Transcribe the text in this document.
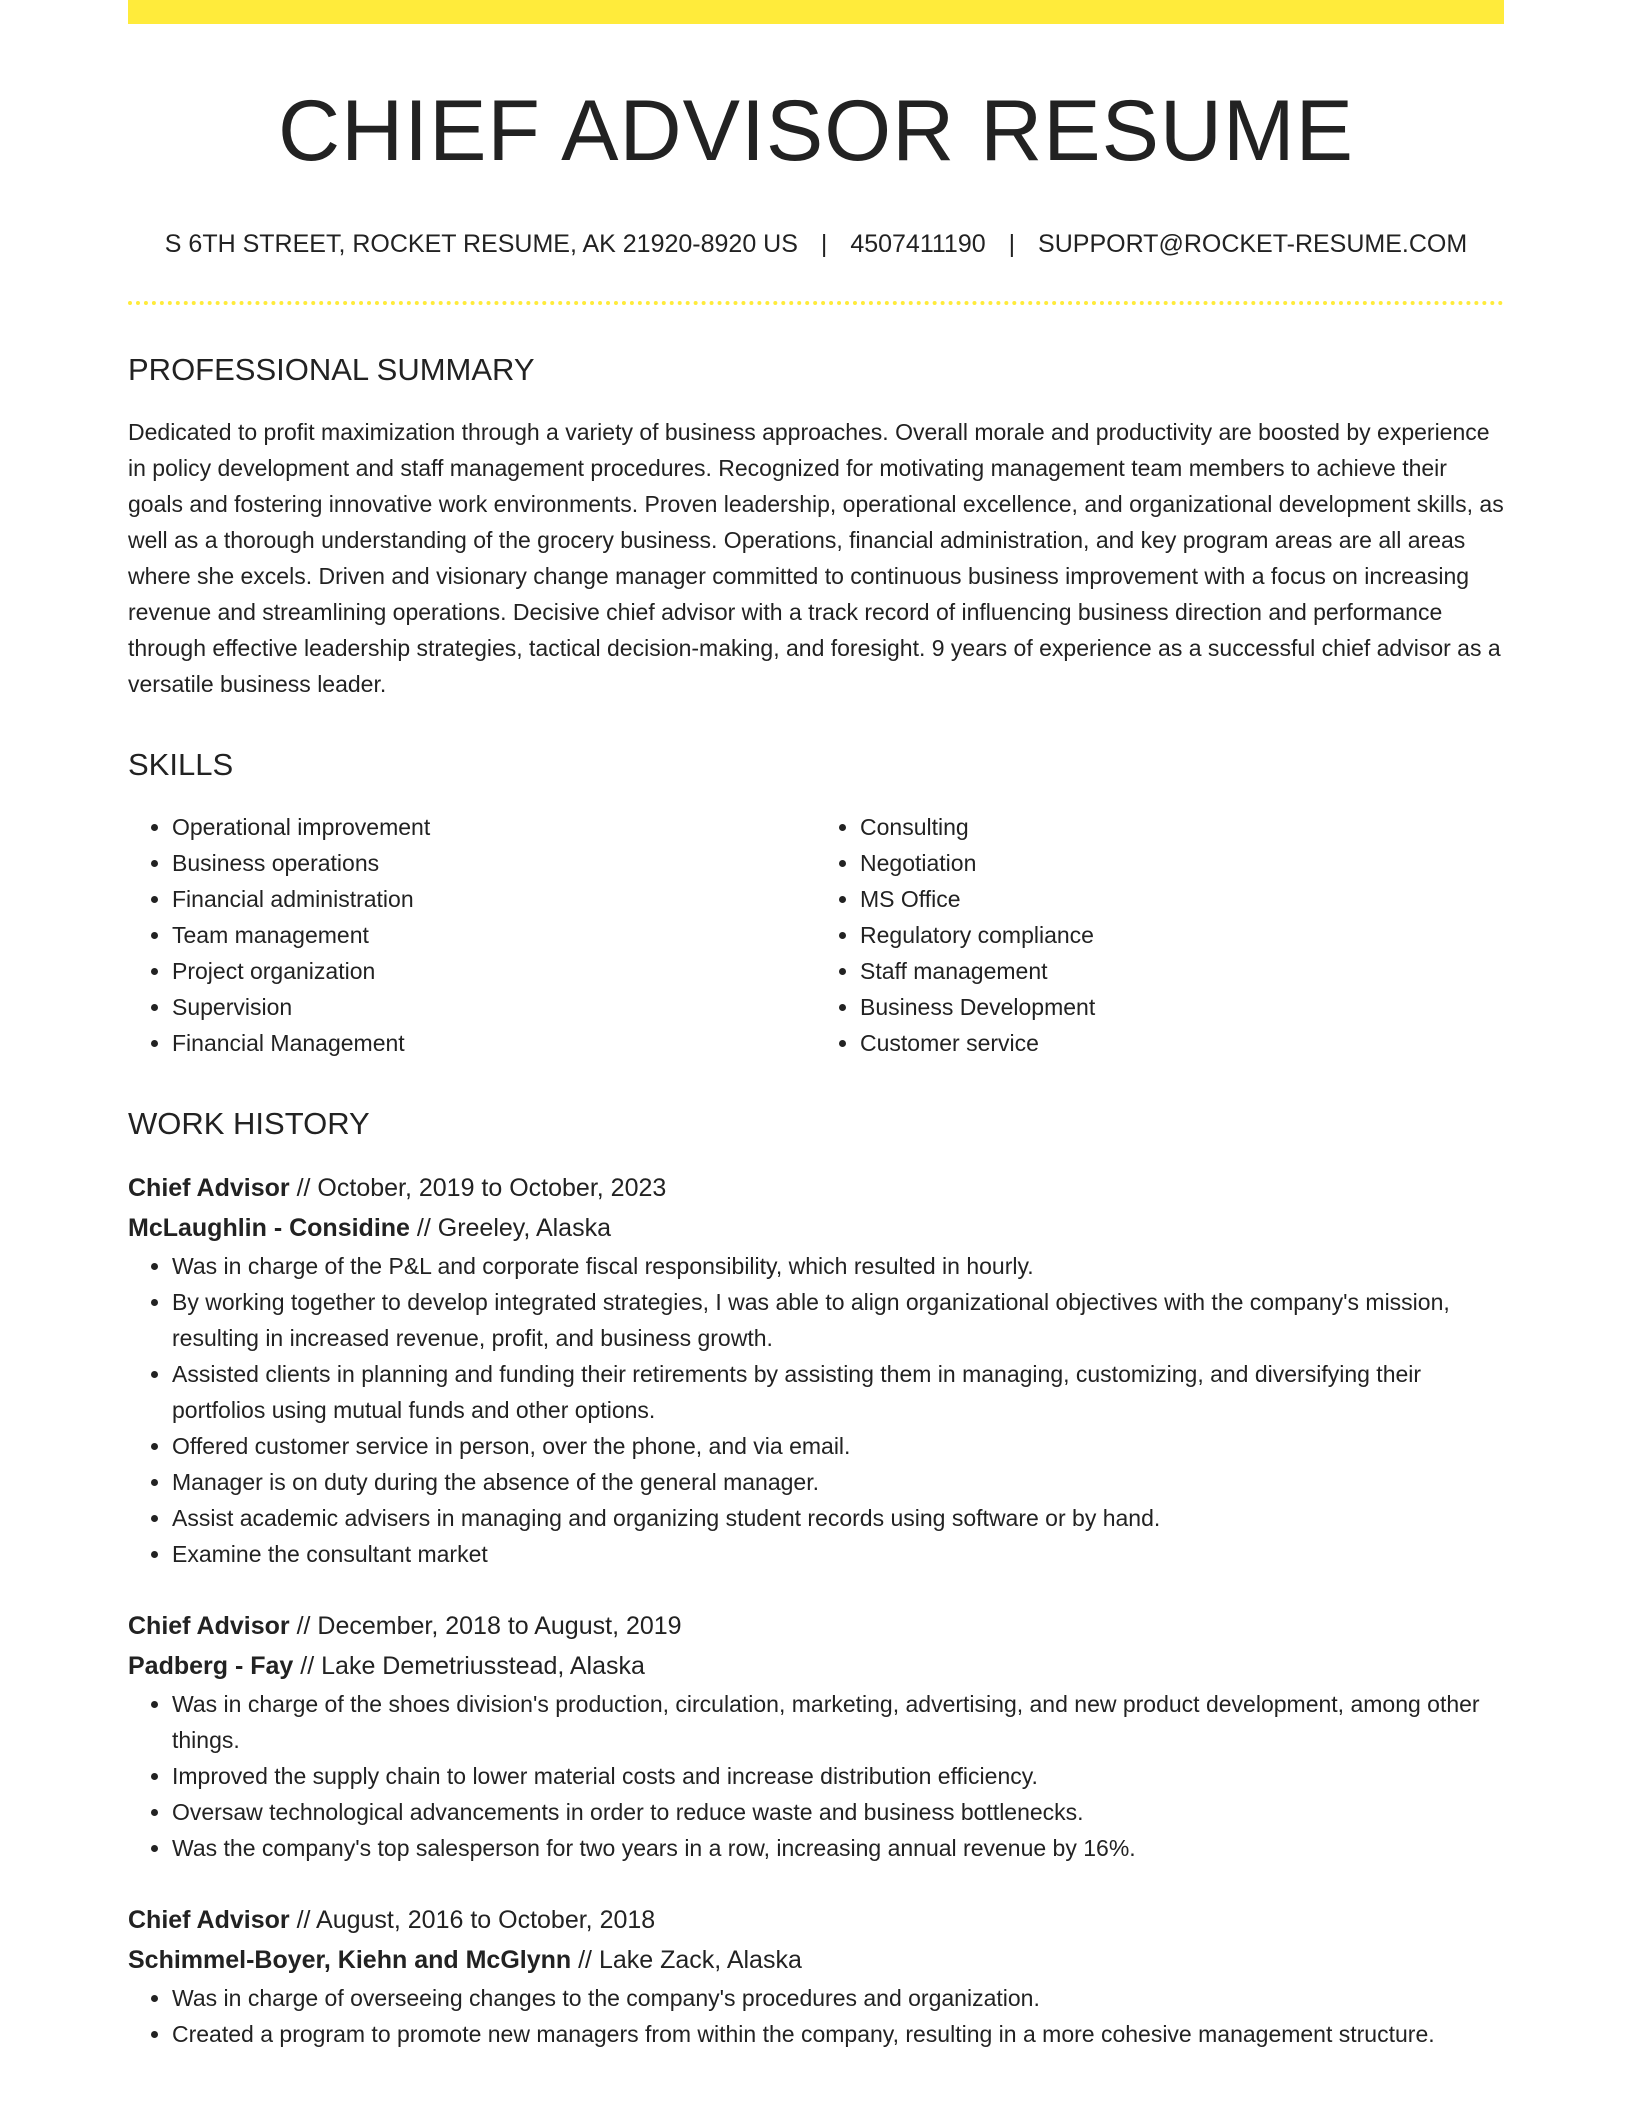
CHIEF ADVISOR RESUME
S 6TH STREET, ROCKET RESUME, AK 21920-8920 US | 4507411190 | SUPPORT@ROCKET-RESUME.COM
PROFESSIONAL SUMMARY

Dedicated to profit maximization through a variety of business approaches. Overall morale and productivity are boosted by experience in policy development and staff management procedures. Recognized for motivating management team members to achieve their goals and fostering innovative work environments. Proven leadership, operational excellence, and organizational development skills, as well as a thorough understanding of the grocery business. Operations, financial administration, and key program areas are all areas where she excels. Driven and visionary change manager committed to continuous business improvement with a focus on increasing revenue and streamlining operations. Decisive chief advisor with a track record of influencing business direction and performance through effective leadership strategies, tactical decision-making, and foresight. 9 years of experience as a successful chief advisor as a versatile business leader.

SKILLS
• Operational improvement
• Business operations
• Financial administration
• Team management
• Project organization
• Supervision
• Financial Management
• Consulting
• Negotiation
• MS Office
• Regulatory compliance
• Staff management
• Business Development
• Customer service
WORK HISTORY
Chief Advisor // October, 2019 to October, 2023
McLaughlin - Considine // Greeley, Alaska
• Was in charge of the P&L and corporate fiscal responsibility, which resulted in hourly.
• By working together to develop integrated strategies, I was able to align organizational objectives with the company's mission, resulting in increased revenue, profit, and business growth.
• Assisted clients in planning and funding their retirements by assisting them in managing, customizing, and diversifying their portfolios using mutual funds and other options.
• Offered customer service in person, over the phone, and via email.
• Manager is on duty during the absence of the general manager.
• Assist academic advisers in managing and organizing student records using software or by hand.
• Examine the consultant market
Chief Advisor // December, 2018 to August, 2019
Padberg - Fay // Lake Demetriusstead, Alaska
• Was in charge of the shoes division's production, circulation, marketing, advertising, and new product development, among other things.
• Improved the supply chain to lower material costs and increase distribution efficiency.
• Oversaw technological advancements in order to reduce waste and business bottlenecks.
• Was the company's top salesperson for two years in a row, increasing annual revenue by 16%.
Chief Advisor // August, 2016 to October, 2018
Schimmel-Boyer, Kiehn and McGlynn // Lake Zack, Alaska
• Was in charge of overseeing changes to the company's procedures and organization.
• Created a program to promote new managers from within the company, resulting in a more cohesive management structure.
